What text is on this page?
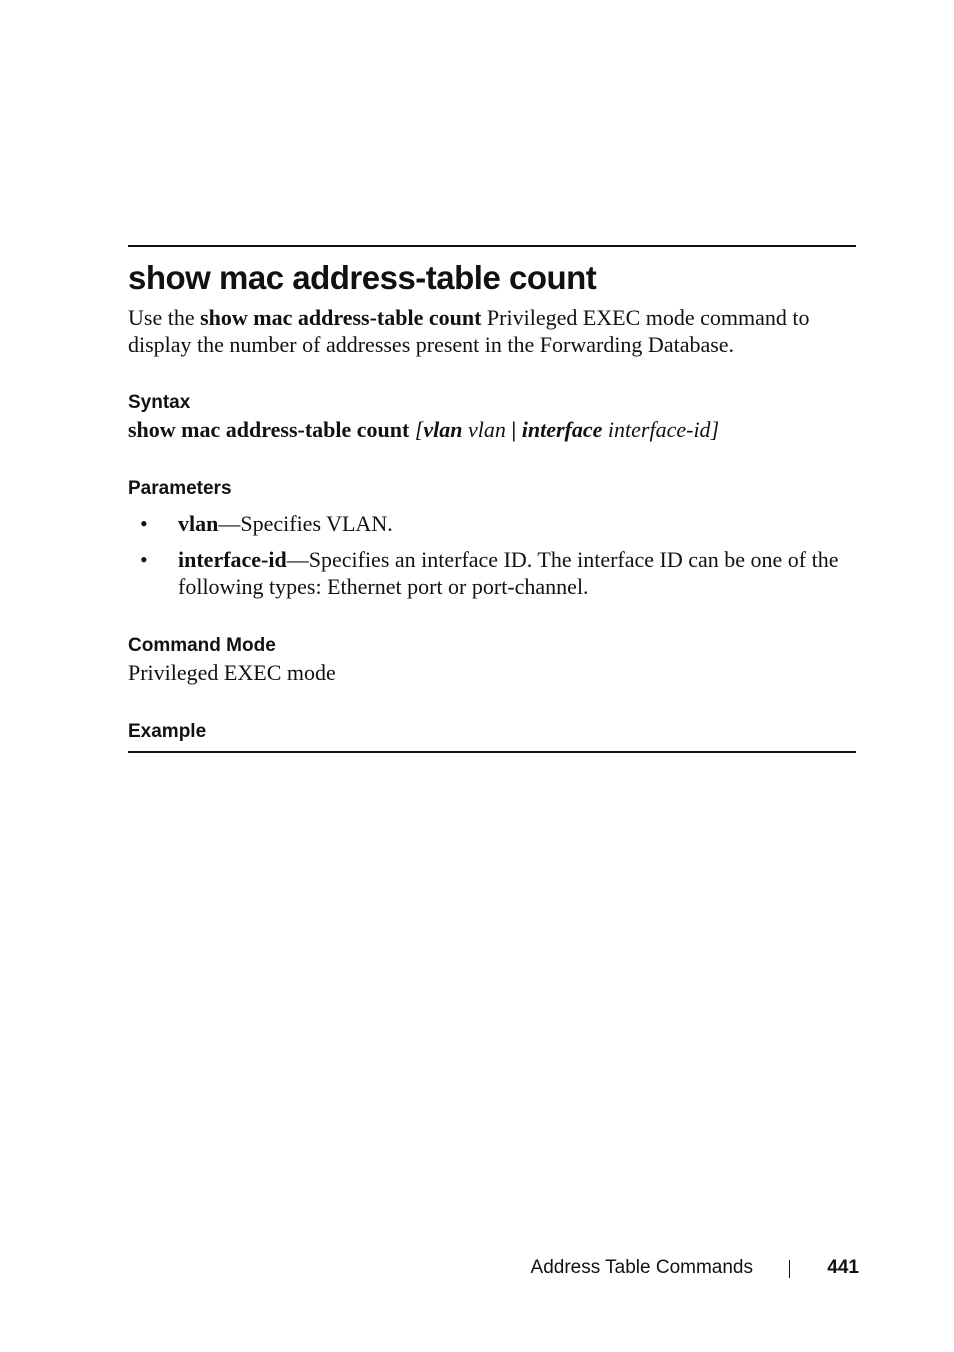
show mac address-table count

Use the show mac address-table count Privileged EXEC mode command to display the number of addresses present in the Forwarding Database.

Syntax

show mac address-table count [vlan vlan | interface interface-id]

Parameters
• vlan—Specifies VLAN.
• interface-id—Specifies an interface ID. The interface ID can be one of the following types: Ethernet port or port-channel.
Command Mode

Privileged EXEC mode

Example
Address Table Commands	441
